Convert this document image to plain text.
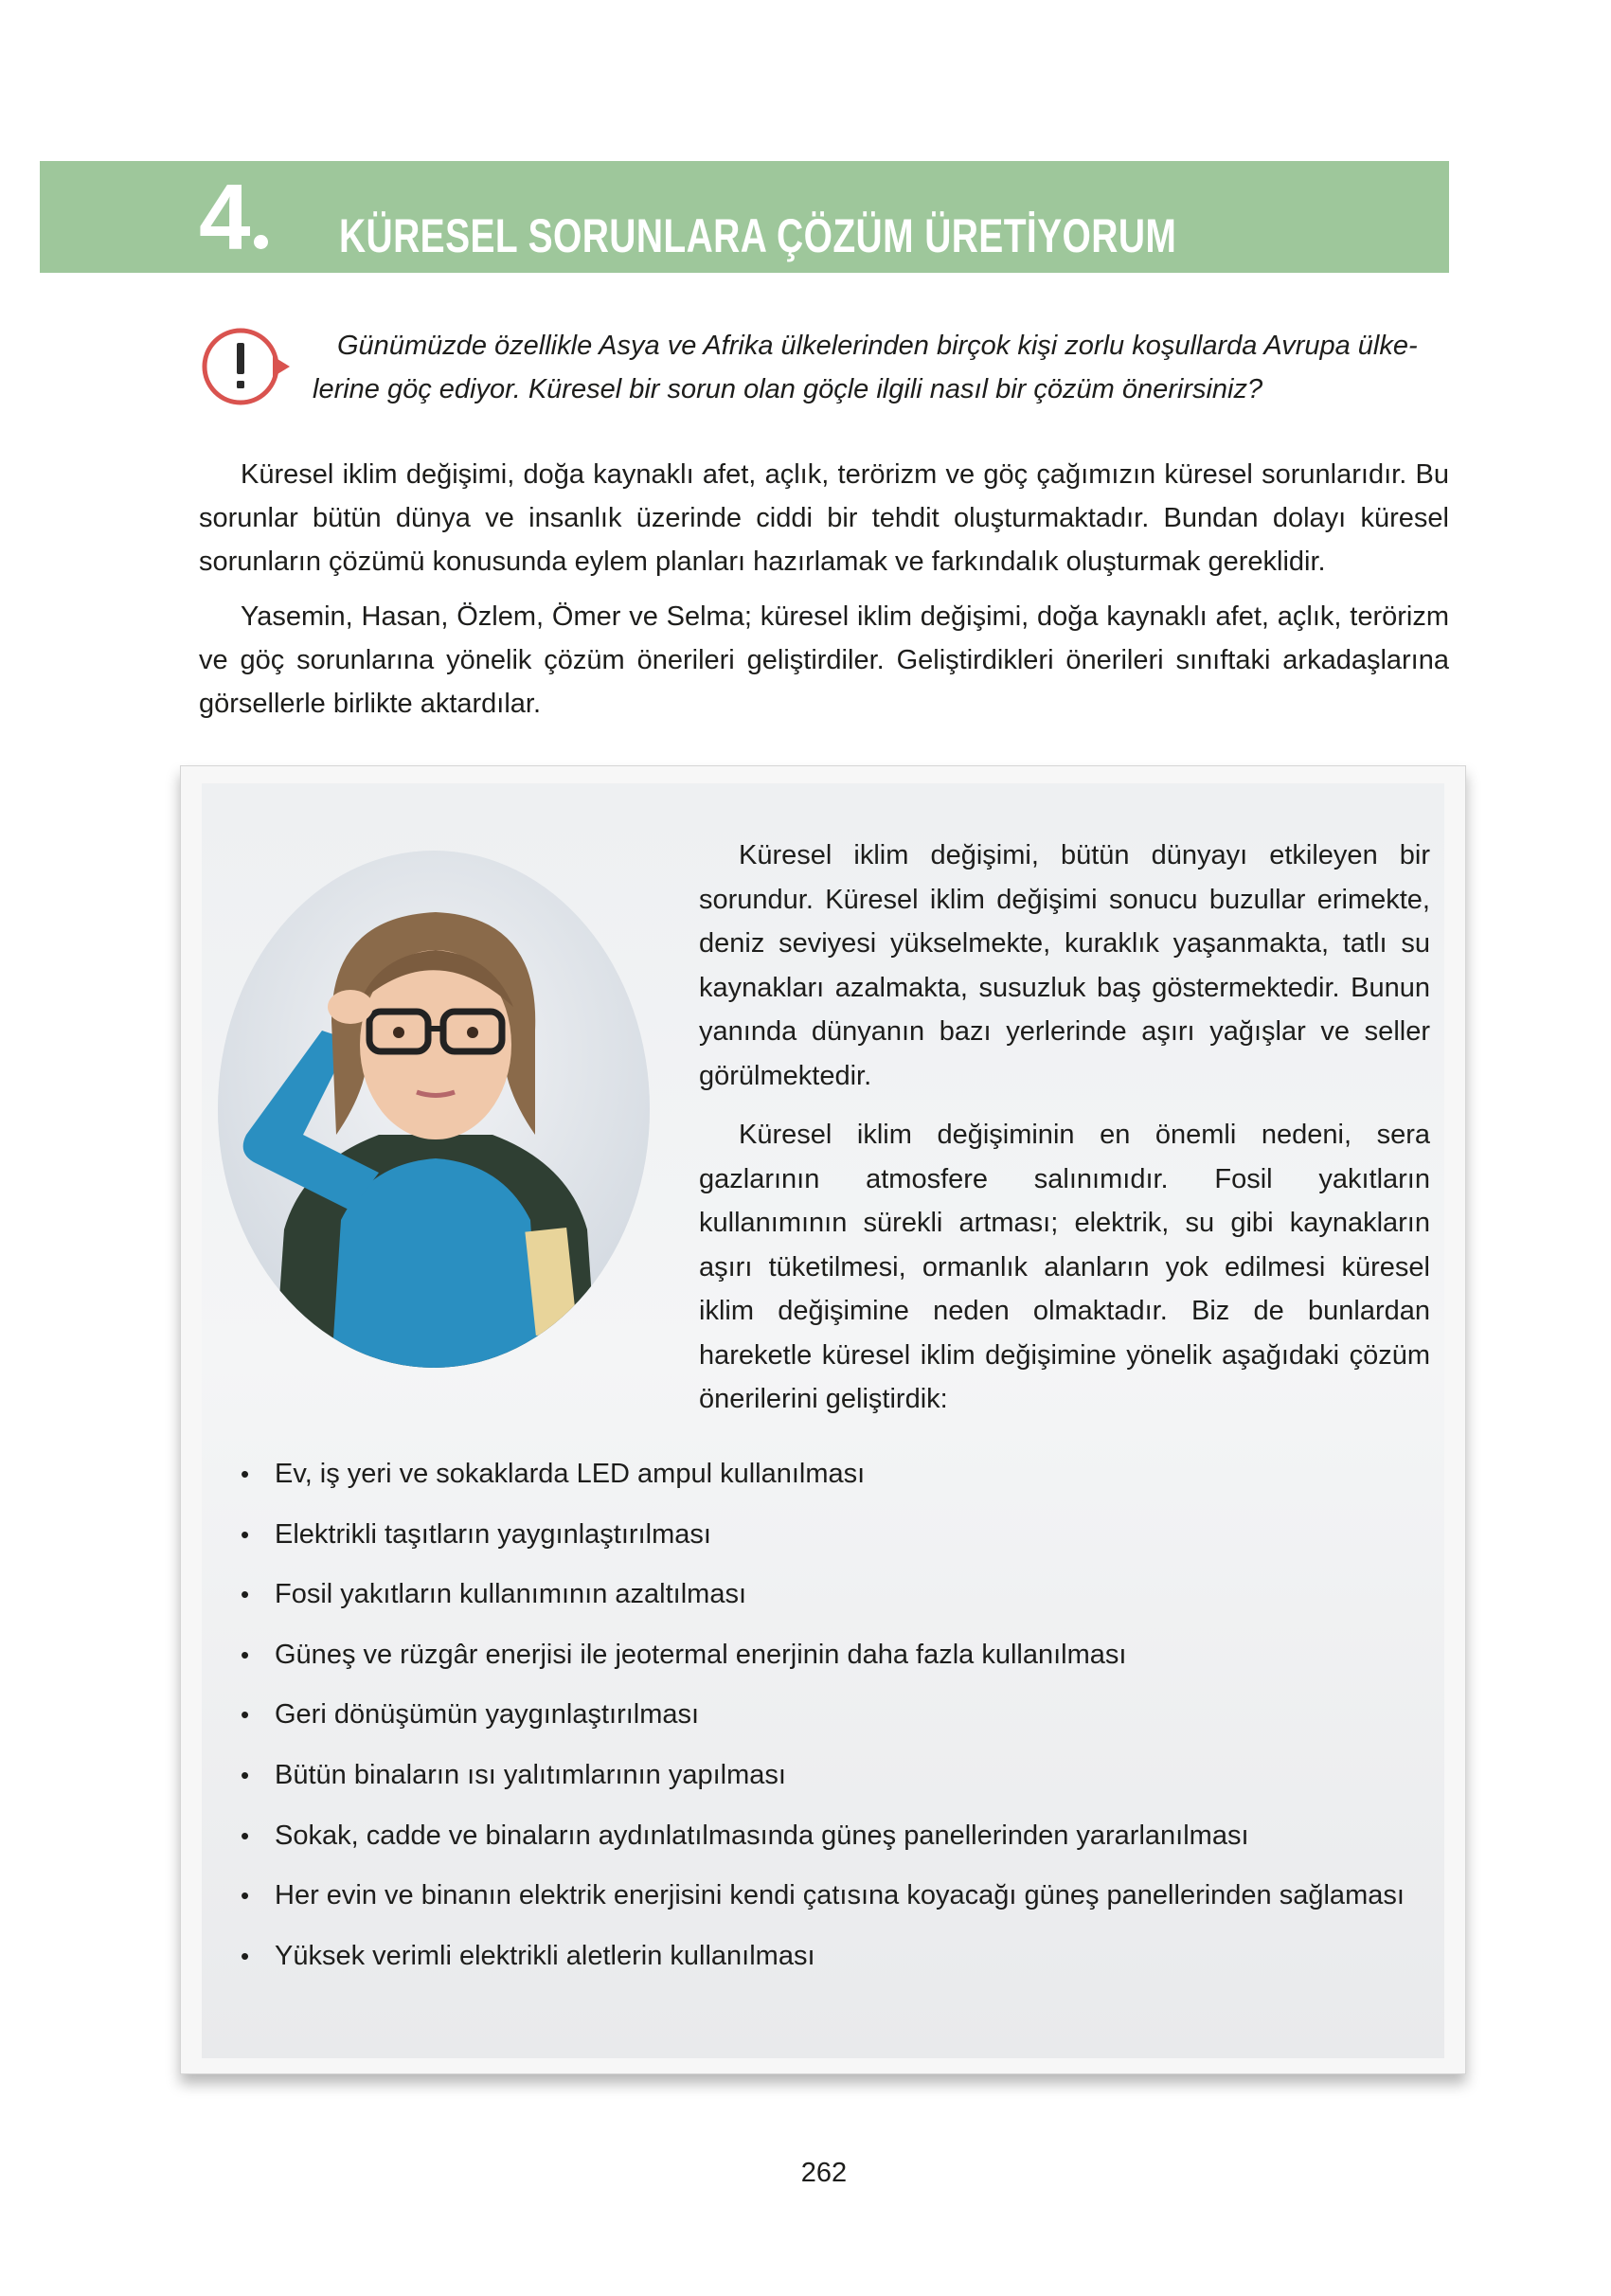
4	KÜRESEL SORUNLARA ÇÖZÜM ÜRETİYORUM
Günümüzde özellikle Asya ve Afrika ülkelerinden birçok kişi zorlu koşullarda Avrupa ülke-
lerine göç ediyor. Küresel bir sorun olan göçle ilgili nasıl bir çözüm önerirsiniz?

Küresel iklim değişimi, doğa kaynaklı afet, açlık, terörizm ve göç çağımızın küresel sorunlarıdır. Bu sorunlar bütün dünya ve insanlık üzerinde ciddi bir tehdit oluşturmaktadır. Bundan dolayı küresel sorunların çözümü konusunda eylem planları hazırlamak ve farkındalık oluşturmak gereklidir.

Yasemin, Hasan, Özlem, Ömer ve Selma; küresel iklim değişimi, doğa kaynaklı afet, açlık, terörizm ve göç sorunlarına yönelik çözüm önerileri geliştirdiler. Geliştirdikleri önerileri sınıftaki arkadaşlarına görsellerle birlikte aktardılar.

Küresel iklim değişimi, bütün dünyayı etkileyen bir sorundur. Küresel iklim değişimi sonucu buzullar erimekte, deniz seviyesi yükselmekte, kuraklık yaşanmakta, tatlı su kaynakları azalmakta, susuzluk baş göstermektedir. Bunun yanında dünyanın bazı yerlerinde aşırı yağışlar ve seller görülmektedir.

Küresel iklim değişiminin en önemli nedeni, sera gazlarının atmosfere salınımıdır. Fosil yakıtların kullanımının sürekli artması; elektrik, su gibi kaynakların aşırı tüketilmesi, ormanlık alanların yok edilmesi küresel iklim değişimine neden olmaktadır. Biz de bunlardan hareketle küresel iklim değişimine yönelik aşağıdaki çözüm önerilerini geliştirdik:

• Ev, iş yeri ve sokaklarda LED ampul kullanılması
• Elektrikli taşıtların yaygınlaştırılması
• Fosil yakıtların kullanımının azaltılması
• Güneş ve rüzgâr enerjisi ile jeotermal enerjinin daha fazla kullanılması
• Geri dönüşümün yaygınlaştırılması
• Bütün binaların ısı yalıtımlarının yapılması
• Sokak, cadde ve binaların aydınlatılmasında güneş panellerinden yararlanılması
• Her evin ve binanın elektrik enerjisini kendi çatısına koyacağı güneş panellerinden sağlaması
• Yüksek verimli elektrikli aletlerin kullanılması
262
